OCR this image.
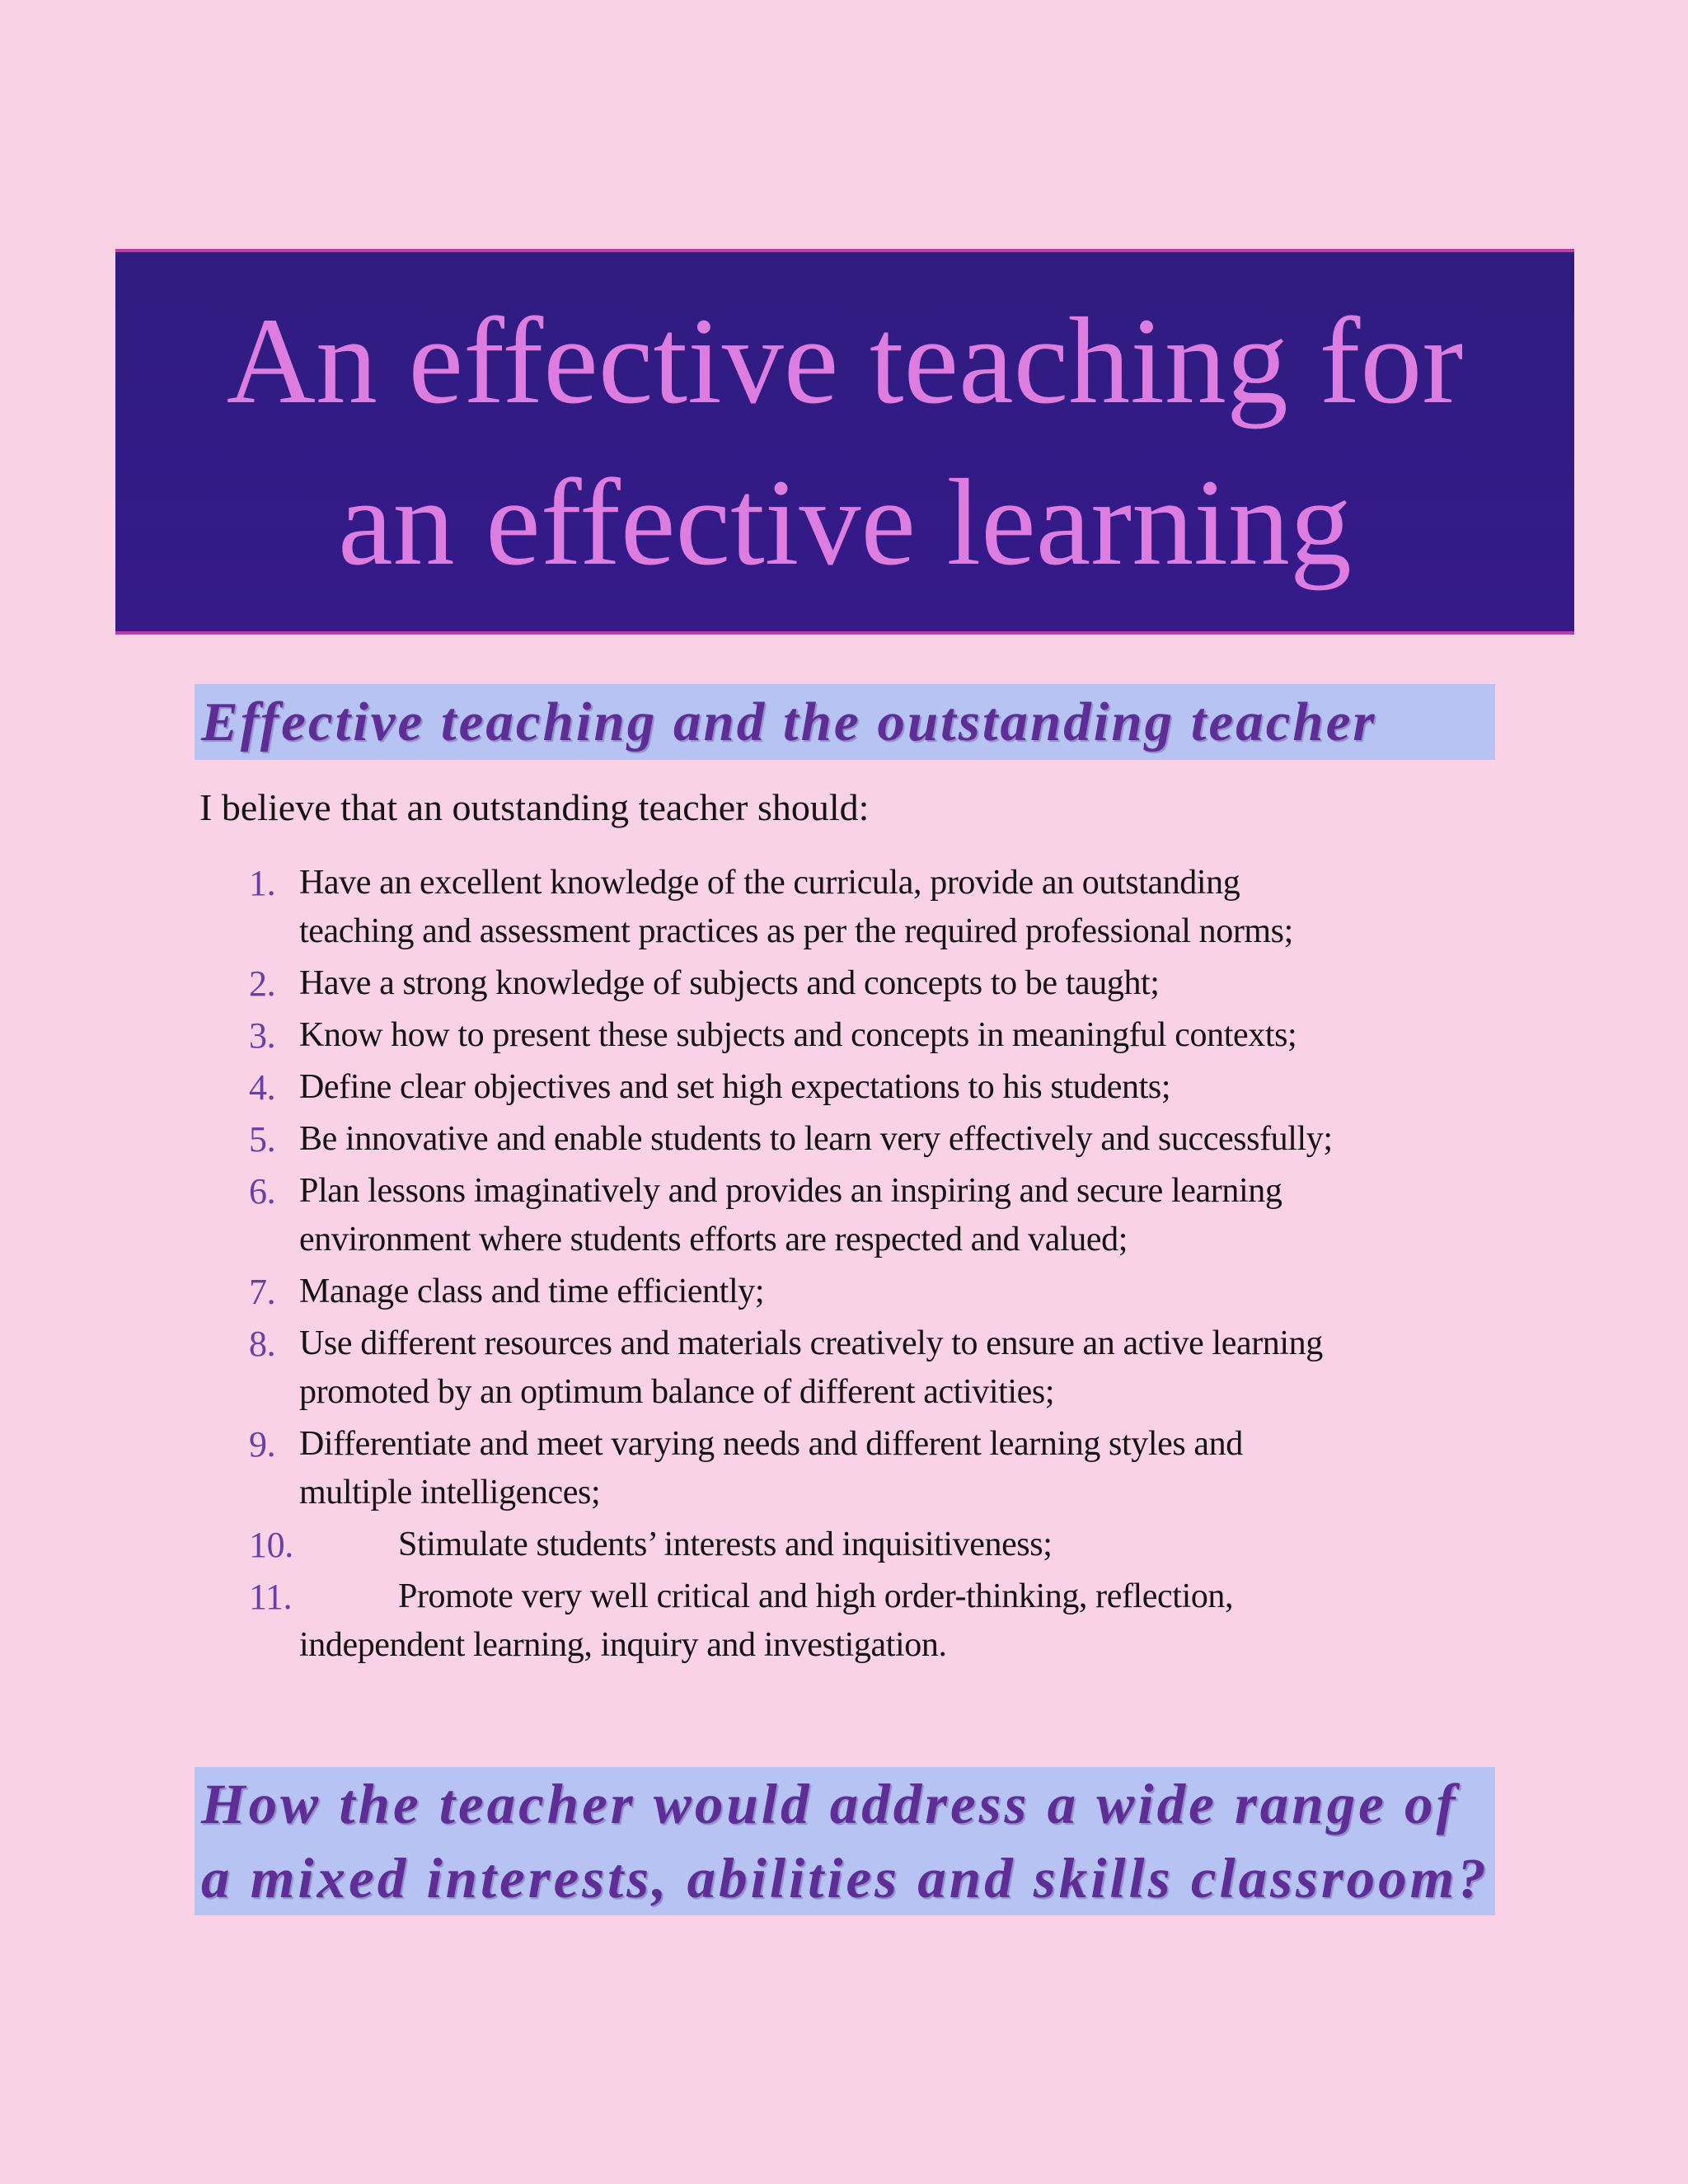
An effective teaching for
an effective learning
Effective teaching and the outstanding teacher
I believe that an outstanding teacher should:
1. Have an excellent knowledge of the curricula, provide an outstanding
teaching and assessment practices as per the required professional norms;
2. Have a strong knowledge of subjects and concepts to be taught;
3. Know how to present these subjects and concepts in meaningful contexts;
4. Define clear objectives and set high expectations to his students;
5. Be innovative and enable students to learn very effectively and successfully;
6. Plan lessons imaginatively and provides an inspiring and secure learning
environment where students efforts are respected and valued;
7. Manage class and time efficiently;
8. Use different resources and materials creatively to ensure an active learning
promoted by an optimum balance of different activities;
9. Differentiate and meet varying needs and different learning styles and
multiple intelligences;
10.	Stimulate students’ interests and inquisitiveness;
11.	Promote very well critical and high order-thinking, reflection,
independent learning, inquiry and investigation.
How the teacher would address a wide range of
a mixed interests, abilities and skills classroom?
